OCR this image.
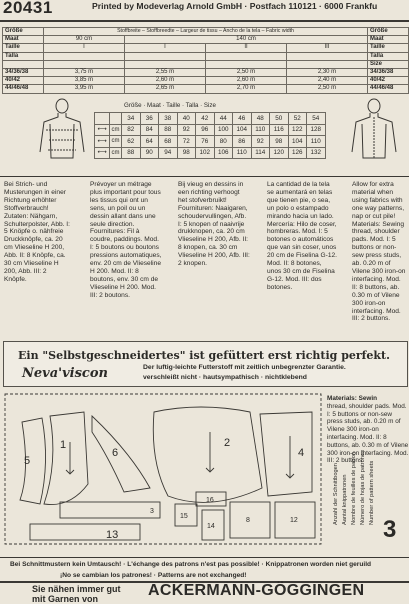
20431	Printed by Modeverlag Arnold GmbH · Postfach 110121 · 6000 Frankfu
Größe	Stoffbreite – Stoffbreedte – Largeur de tissu – Ancho de la tela – Fabric width				Größe
Maat	90 cm	140 cm			Maat
Taille	I	I	II	III	Taille
Talla					Talla
					Size
34/36/38	3,75 m	2,55 m	2,50 m	2,30 m	34/36/38
40/42	3,85 m	2,60 m	2,60 m	2,40 m	40/42
44/46/48	3,95 m	2,65 m	2,70 m	2,50 m	44/46/48
Größe · Maat · Taille · Talla · Size
		34	36	38	40	42	44	46	48	50	52	54
⟷	cm	82	84	88	92	96	100	104	110	116	122	128
⟷	cm	62	64	68	72	76	80	86	92	98	104	110
⟷	cm	88	90	94	98	102	106	110	114	120	126	132

Bei Strich- und Musterungen in einer Richtung erhöhter Stoffverbrauch! Zutaten: Nähgarn, Schulterpolster, Abb. I: 5 Knöpfe o. nähfreie Druckknöpfe, ca. 20 cm Vlieseline H 200, Abb. II: 8 Knöpfe, ca. 30 cm Vlieseline H 200, Abb. III: 2 Knöpfe.

Prévoyer un métrage plus important pour tous les tissus qui ont un sens, un poil ou un dessin allant dans une seule direction. Fournitures: Fil à coudre, paddings. Mod. I: 5 boutons ou boutons pressions automatiques, env. 20 cm de Vlieseline H 200. Mod. II: 8 boutons, env. 30 cm de Vlieseline H 200. Mod. III: 2 boutons.

Bij vieug en dessins in een richting verhoogt het stofverbruikt! Fournituren: Naaigaren, schoudervullingen, Afb. I: 5 knopen of naaivrije drukknopen, ca. 20 cm Vlieseline H 200, Afb. II: 8 knopen, ca. 30 cm Vlieseline H 200, Afb. III: 2 knopen.

La cantidad de la tela se aumentará en telas que tienen pie, o sea, un polo o estampado mirando hacia un lado. Mercería: Hilo de coser, hombreras. Mod. I: 5 botones o automáticos que van sin coser, unos 20 cm de Fiselina G-12. Mod. II: 8 botones, unos 30 cm de Fiselina G-12. Mod. III: dos botones.

Allow for extra material when using fabrics with one way patterns, nap or cut pile! Materials: Sewing thread, shoulder pads. Mod. I: 5 buttons or non-sew press studs, ab. 0.20 m of Vilene 300 iron-on interfacing. Mod. II: 8 buttons, ab. 0.30 m of Vilene 300 iron-on interfacing. Mod. III: 2 buttons.

Ein "Selbstgeschneidertes" ist gefüttert erst richtig perfekt.
Neva'viscon	Der luftig-leichte Futterstoff mit zeitlich unbegrenzter Garantie.
verschleißt nicht · hautsympathisch · nichtklebend
5
1
6
2
4
16
15
13
3
14
8	12

Materials: Sewin

thread, shoulder pads. Mod. I: 5 buttons or non-sew press studs, ab. 0.20 m of Vilene 300 iron-on interfacing. Mod. II: 8 buttons, ab. 0.30 m of Vilene 300 iron-on interfacing. Mod. III: 2 buttons.

Anzahl der Schnittbogen Aantal knippatronen Nombre de feuilles de patron Número de hojas de patrones Number of pattern sheets
3
Bei Schnittmustern kein Umtausch! · L'échange des patrons n'est pas possible! · Knippatronen worden niet geruild
¡No se cambian los patrones! · Patterns are not exchanged!
Sie nähen immer gut
mit Garnen von	ACKERMANN-GÖGGINGEN
